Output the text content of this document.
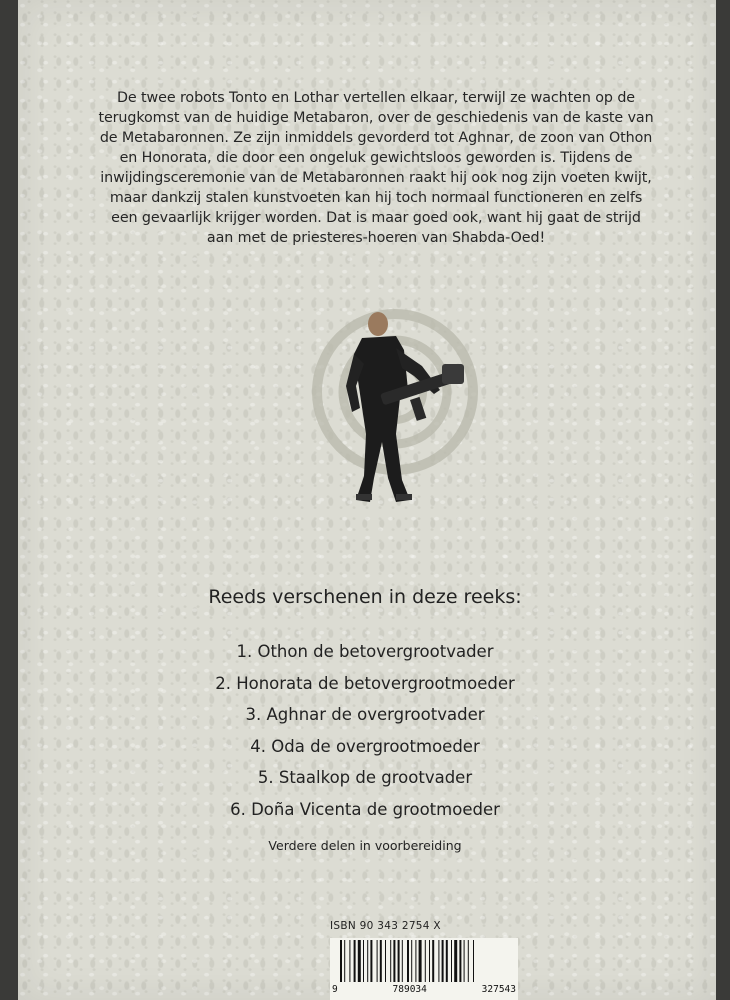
De twee robots Tonto en Lothar vertellen elkaar, terwijl ze wachten op de terugkomst van de huidige Metabaron, over de geschiedenis van de kaste van de Metabaronnen. Ze zijn inmiddels gevorderd tot Aghnar, de zoon van Othon en Honorata, die door een ongeluk gewichtsloos geworden is. Tijdens de inwijdingsceremonie van de Metabaronnen raakt hij ook nog zijn voeten kwijt, maar dankzij stalen kunstvoeten kan hij toch normaal functioneren en zelfs een gevaarlijk krijger worden. Dat is maar goed ook, want hij gaat de strijd aan met de priesteres-hoeren van Shabda-Oed!

Reeds verschenen in deze reeks:
1. Othon de betovergrootvader
2. Honorata de betovergrootmoeder
3. Aghnar de overgrootvader
4. Oda de overgrootmoeder
5. Staalkop de grootvader
6. Doña Vicenta de grootmoeder
Verdere delen in voorbereiding
ISBN 90 343 2754 X
9	789034	327543
